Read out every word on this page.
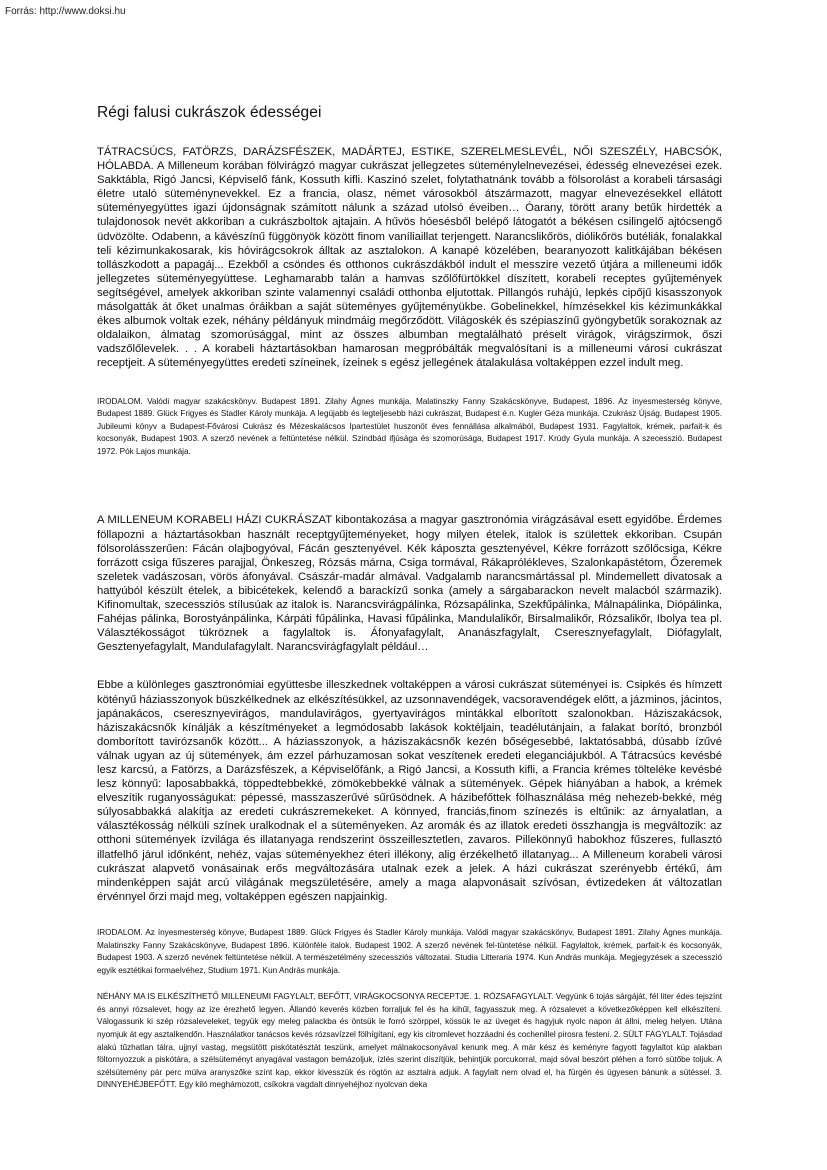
Forrás: http://www.doksi.hu
Régi falusi cukrászok édességei

TÁTRACSÚCS, FATÖRZS, DARÁZSFÉSZEK, MADÁRTEJ, ESTIKE, SZERELMESLEVÉL, NŐI SZESZÉLY, HABCSÓK, HÓLABDA. A Milleneum korában fölvirágzó magyar cukrászat jellegzetes süteménylelnevezései, édesség elnevezései ezek. Sakktábla, Rigó Jancsi, Képviselő fánk, Kossuth kifli. Kaszinó szelet, folytathatnánk tovább a fölsorolást a korabeli társasági életre utaló süteménynevekkel. Ez a francia, olasz, német városokból átszármazott, magyar elnevezésekkel ellátott süteményegyüttes igazi újdonságnak számított nálunk a század utolsó éveiben… Óarany, törött arany betűk hirdették a tulajdonosok nevét akkoriban a cukrászboltok ajtajain. A hűvös hóesésből belépő látogatót a békésen csilingelő ajtócsengő üdvözölte. Odabenn, a kávészínű függönyök között finom vaníliaillat terjengett. Narancslikőrös, diólikőrös butéliák, fonalakkal teli kézimunkakosarak, kis hóvirágcsokrok álltak az asztalokon. A kanapé közelében, bearanyozott kalitkájában békésen tollászkodott a papagáj... Ezekből a csöndes és otthonos cukrászdákból indult el messzire vezető útjára a milleneumi idők jellegzetes süteményegyüttese. Leghamarabb talán a hamvas szőlőfürtökkel díszített, korabeli receptes gyűjtemények segítségével, amelyek akkoriban szinte valamennyi családi otthonba eljutottak. Pillangós ruhájú, lepkés cipőjű kisasszonyok másolgatták át őket unalmas óráikban a saját süteményes gyűjteményükbe. Gobelinekkel, hímzésekkel kis kézimunkákkal ékes albumok voltak ezek, néhány példányuk mindmáig megőrződött. Világoskék és szépiaszínű gyöngybetűk sorakoznak az oldalaikon, álmatag szomorúsággal, mint az összes albumban megtalálható préselt virágok, virágszirmok, őszi vadszőlőlevelek. . . A korabeli háztartásokban hamarosan megpróbálták megvalósítani is a milleneumi városi cukrászat receptjeit. A süteményegyüttes eredeti színeinek, ízeinek s egész jellegének átalakulása voltaképpen ezzel indult meg.

IRODALOM. Valódi magyar szakácskönyv. Budapest 1891. Zilahy Ágnes munkája. Malatinszky Fanny Szakácskönyve, Budapest, 1896. Az ínyesmesterség könyve, Budapest 1889. Glück Frigyes és Stadler Károly munkája. A legújabb és legteljesebb házi cukrászat, Budapest é.n. Kugler Géza munkája. Czukrász Újság. Budapest 1905. Jubileumi könyv a Budapest-Fővárosi Cukrász és Mézeskalácsos Ipartestület huszonöt éves fennállása alkalmából, Budapest 1931. Fagylaltok, krémek, parfait-k és kocsonyák, Budapest 1903. A szerző nevének a feltüntetése nélkül. Szindbád ifjúsága és szomorúsága, Budapest 1917. Krúdy Gyula munkája. A szecesszió. Budapest 1972. Pók Lajos munkája.

A MILLENEUM KORABELI HÁZI CUKRÁSZAT kibontakozása a magyar gasztronómia virágzásával esett egyidőbe. Érdemes föllapozni a háztartásokban használt receptgyűjteményeket, hogy milyen ételek, italok is születtek ekkoriban. Csupán fölsorolásszerűen: Fácán olajbogyóval, Fácán gesztenyével. Kék káposzta gesztenyével, Kékre forrázott szőlőcsiga, Kékre forrázott csiga fűszeres parajjal, Önkeszeg, Rózsás márna, Csiga tormával, Rákaprólékleves, Szalonkapástétom, Őzeremek szeletek vadászosan, vörös áfonyával. Császár-madár almával. Vadgalamb narancsmártással pl. Mindemellett divatosak a hattyúból készült ételek, a bibicétekek, kelendő a barackízű sonka (amely a sárgabarackon nevelt malacból származik). Kifinomultak, szecessziós stílusúak az italok is. Narancsvirágpálinka, Rózsapálinka, Szekfűpálinka, Málnapálinka, Diópálinka, Fahéjas pálinka, Borostyánpálinka, Kárpáti fűpálinka, Havasi fűpálinka, Mandulalikőr, Birsalmalikőr, Rózsalikőr, Ibolya tea pl. Választékosságot tükröznek a fagylaltok is. Áfonyafagylalt, Ananászfagylalt, Cseresznyefagylalt, Diófagylalt, Gesztenyefagylalt, Mandulafagylalt. Narancsvirágfagylalt például…

Ebbe a különleges gasztronómiai együttesbe illeszkednek voltaképpen a városi cukrászat süteményei is. Csipkés és hímzett kötényű háziasszonyok büszkélkednek az elkészítésükkel, az uzsonnavendégek, vacsoravendégek előtt, a jázminos, jácintos, japánakácos, cseresznyevirágos, mandulavirágos, gyertyavirágos mintákkal elborított szalonokban. Háziszakácsok, háziszakácsnők kínálják a készítményeket a legmódosabb lakások koktéljain, teadélutánjain, a falakat borító, bronzból domborított tavirózsanők között... A háziasszonyok, a háziszakácsnők kezén bőségesebbé, laktatósabbá, dúsabb ízűvé válnak ugyan az új sütemények, ám ezzel párhuzamosan sokat veszítenek eredeti eleganciájukból. A Tátracsúcs kevésbé lesz karcsú, a Fatörzs, a Darázsfészek, a Képviselőfánk, a Rigó Jancsi, a Kossuth kifli, a Francia krémes töltelékе kevésbé lesz könnyű: laposabbakká, töppedtebbekké, zömökebbekké válnak a sütemények. Gépek hiányában a habok, a krémek elveszítik ruganyosságukat: pépessé, masszaszerűvé sűrűsödnek. A házibefőttek fölhasználása még nehezeb-bekké, még súlyosabbakká alakítja az eredeti cukrászremekeket. A könnyed, franciás,finom színezés is eltűnik: az árnyalatlan, a választékosság nélküli színek uralkodnak el a süteményeken. Az aromák és az illatok eredeti összhangja is megváltozik: az otthoni sütemények ízvilága és illatanyaga rendszerint összeillesztetlen, zavaros. Pillekönnyű habokhoz fűszeres, fullasztó illatfelhő járul időnként, nehéz, vajas süteményekhez éteri illékony, alig érzékelhető illatanyag... A Milleneum korabeli városi cukrászat alapvető vonásainak erős megváltozására utalnak ezek a jelek. A házi cukrászat szerényebb értékű, ám mindenképpen saját arcú világának megszületésére, amely a maga alapvonásait szívósan, évtizedeken át változatlan érvénnyel őrzi majd meg, voltaképpen egészen napjainkig.

IRODALOM. Az ínyesmesterség könyve, Budapest 1889. Glück Frigyes és Stadler Károly munkája. Valódi magyar szakácskönyv, Budapest 1891. Zilahy Ágnes munkája. Malatinszky Fanny Szakácskönyve, Budapest 1896. Különféle italok. Budapest 1902. A szerző nevének fel-tüntetése nélkül. Fagylaltok, krémek, parfait-k és kocsonyák, Budapest 1903. A szerző nevének feltüntetése nélkül. A természetélmény szecessziós változatai. Studia Litteraria 1974. Kun András munkája. Megjegyzések a szecesszió egyik esztétikai formaelvéhez, Studium 1971. Kun András munkája.

NÉHÁNY MA IS ELKÉSZÍTHETŐ MILLENEUMI FAGYLALT, BEFŐTT, VIRÁGKOCSONYA RECEPTJE. 1. RÓZSAFAGYLALT. Vegyünk 6 tojás sárgáját, fél liter édes tejszínt és annyi rózsalevet, hogy az íze érezhető legyen. Állandó keverés közben forraljuk fel és ha kihűl, fagyasszuk meg. A rózsalevet a következőképpen kell elkészíteni. Válogassunk ki szép rózsaleveleket, tegyük egy meleg palackba és öntsük le forró szörppel, kössük le az üveget és hagyjuk nyolc napon át állni, meleg helyen. Utána nyomjuk át egy asztalkendőn. Használatkor tanácsos kevés rózsavízzel fölhígítani, egy kis citromlevet hozzáadni és cochenillel pirosra festeni. 2. SÜLT FAGYLALT. Tojásdad alakú tűzhatlan tálra, ujjnyi vastag, megsütött piskótatésztát teszünk, amelyet málnakocsonyával kenunk meg. A már kész és keményre fagyott fagylaltot kúp alakban föltornyozzuk a piskótára, a szélsüteményt anyagával vastagon bemázoljuk, ízlés szerint díszítjük, behintjük porcukorral, majd sóval beszórt pléhen a forró sütőbe toljuk. A szélsütemény pár perc múlva aranyszőke színt kap, ekkor kivesszük és rögtön az asztalra adjuk. A fagylalt nem olvad el, ha fürgén és ügyesen bánunk a sütéssel. 3. DINNYEHÉJBEFŐTT. Egy kiló meghámozott, csíkokra vagdalt dinnyehéjhoz nyolcvan deka
